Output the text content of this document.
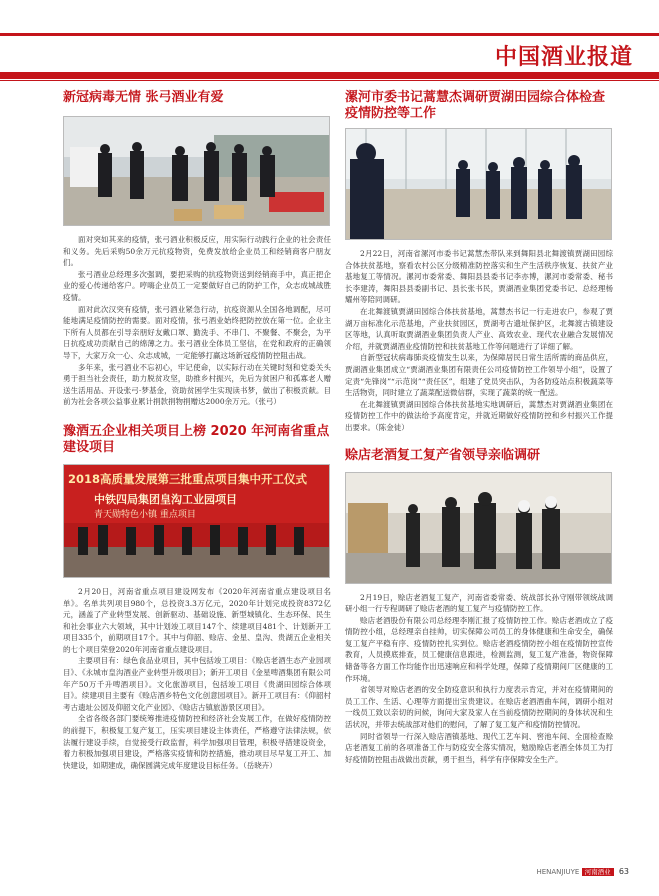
中国酒业报道
新冠病毒无情 张弓酒业有爱

面对突如其来的疫情，张弓酒业积极反应，用实际行动践行企业的社会责任和义务。先后采购50余万元抗疫物资，免费发放给企业员工和经销商客户朋友们。

张弓酒业总经理多次强调，要把采购的抗疫物资送到经销商手中，真正把企业的爱心传递给客户。哼嗨企业员工一定要做好自己的防护工作，众志成城战胜疫情。

面对此次汉突有疫情，张弓酒业紧急行动，抗疫资源从全国各地调配，尽可能地满足疫情防控的需要。面对疫情，张弓酒业始终把防控放在第一位。企业主下所有人员都在引导亲朋好友戴口罩、勤洗手、不串门、不聚餐、不聚会，为平日抗疫成功贡献自己的绵薄之力。张弓酒业全体员工坚信，在党和政府的正确领导下，大家万众一心、众志成城，一定能够打赢这场新冠疫情防控阻击战。

多年来，张弓酒业不忘初心，牢记使命，以实际行动在关键时刻和党委关头勇于担当社会责任，助力脱贫攻坚，助推乡村振兴，先后为贫困户和孤寡老人赠送生活用品、开设张弓·梦基金，资助贫困学生实现读书梦，做出了积极贡献。目前为社会各项公益事业累计捐款捐物捐赠达2000余万元。（张弓）

豫酒五企业相关项目上榜 2020 年河南省重点建设项目
2018高质量发展第三批重点项目集中开工仪式
中铁四局集团皇沟工业园项目
青天勋特色小镇 重点项目

2月20日，河南省重点项目建设网发布《2020年河南省重点建设项目名单》。名单共列项目980个，总投资3.3万亿元，2020年计划完成投资8372亿元，涵盖了产业转型发展、创新驱动、基础设施、新型城镇化、生态环保、民生和社会事业六大领域，其中计划竣工项目147个、续建项目481个、计划新开工项目335个，前期项目17个。其中与仰韶、赊店、金星、皇沟、贵湖五企业相关的七个项目荣登2020年河南省重点建设项目。

主要项目有：绿色食品业项目，其中包括竣工项目：《赊店老酒生态产业园项目》、《永城市皇沟酒业产业转型升级项目》；新开工项目《金星啤酒集团有限公司年产50万千升啤酒项目》。文化旅游项目，包括竣工项目《贵湖田园综合体项目》。续建项目主要有《赊店酒乡特色文化创意园项目》。新开工项目有：《仰韶村考古遗址公园及仰韶文化产业园》、《赊店古镇旅游景区项目》。

全省各级各部门要统筹推进疫情防控和经济社会发展工作，在做好疫情防控的前提下，积极复工复产复工，压实项目建设主体责任，严格遵守法律法规，依法履行建设手续，自觉接受行政监督，科学加强项目管理，积极寻措建设资金，着力积极加强项目建设，严格落实疫情和防控措施，推动项目尽早复工开工、加快建设，如期建成，确保圆满完成年度建设目标任务。（岳晓卉）

漯河市委书记蒿慧杰调研贾湖田园综合体检查疫情防控等工作

2月22日，河南省漯河市委书记蒿慧杰带队来到舞阳县北舞渡镇贾湖田园综合体扶贫基地，察看农村公区分级精准防控落实和生产生活秩序恢复、扶贫产业基地复工等情况。漯河市委常委、舞阳县县委书记李亦博，漯河市委常委、秘书长李建涛，舞阳县县委副书记、县长张书民，贾湖酒业集团党委书记、总经理杨耀州等陪同调研。

在北舞渡镇贾湖田园综合体扶贫基地，蒿慧杰书记一行走进农户，参观了贾湖万亩标准化示范基地，产业扶贫园区，贾湖考古遗址保护区，北舞渡古镇建设区等地，认真听取贾湖酒业集团负责人产业、高效农业、现代农业融合发展情况介绍，并就贾湖酒业疫情防控和扶贫基地工作等问题进行了详细了解。

自新型冠状病毒肺炎疫情发生以来，为保障居民日常生活所需的商品供应，贾湖酒业集团成立“贾湖酒业集团有限责任公司疫情防控工作领导小组”，设置了定责“先锋岗”“示范岗”“责任区”，组建了党员突击队，为各防疫站点积极蔬菜等生活物资，同时建立了蔬菜配送微信群，实现了蔬菜的统一配送。

在北舞渡镇贾湖田园综合体扶贫基地实地调研后，蒿慧杰对贾湖酒业集团在疫情防控工作中的做法给予高度肯定，并就近期做好疫情防控和乡村振兴工作提出要求。（陈金徒）

赊店老酒复工复产省领导亲临调研

2月19日，赊店老酒复工复产，河南省委常委、统战部长孙守刚带领统战调研小组一行专程调研了赊店老酒的复工复产与疫情防控工作。

赊店老酒股份有限公司总经理李刚汇报了疫情防控工作。赊店老酒成立了疫情防控小组，总经理亲自挂帅，切实保障公司员工的身体健康和生命安全，确保复工复产平稳有序、疫情防控扎实到位。赊店老酒疫情防控小组在疫情防控宣传教育，人员摸底排查，员工健康信息跟进，检测监测，复工复产准备，物资保障储备等各方面工作均能作出迅速响应和科学处理，保障了疫情期间厂区健康的工作环境。

省领导对赊店老酒的安全防疫意识和执行力度表示肯定，并对在疫情期间的员工工作、生活、心理等方面提出宝贵建议。在赊店老酒酒曲车间，调研小组对一线员工致以亲切的问候，询问大家及家人在当前疫情防控期间的身体状况和生活状况，并带去统战部对他们的慰问，了解了复工复产和疫情防控情况。

同时省领导一行深入赊店酒镇基地、现代工艺车间、窖池车间、全面检查赊店老酒复工前的各项准备工作与防疫安全落实情况，勉励赊店老酒全体员工为打好疫情防控阻击战做出贡献，勇于担当，科学有序保障安全生产。

HENANJIUYE 河南酒业 63
